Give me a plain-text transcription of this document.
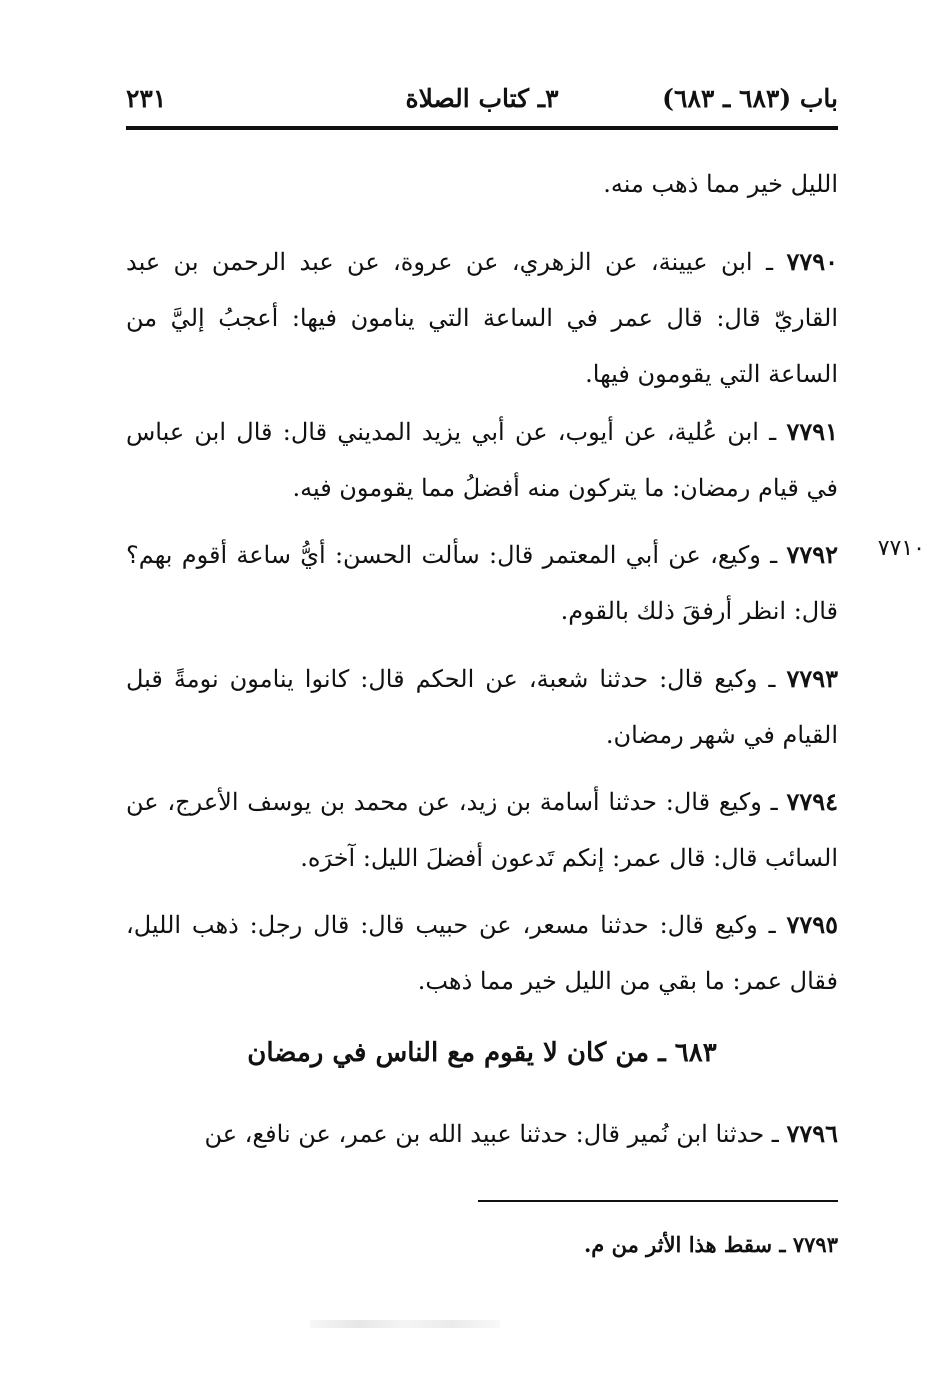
باب (٦٨٣ ـ ٦٨٣)
٣ـ كتاب الصلاة
٢٣١
الليل خير مما ذهب منه.
٧٧٩٠ ـ ابن عيينة، عن الزهري، عن عروة، عن عبد الرحمن بن عبد القاريّ قال: قال عمر في الساعة التي ينامون فيها: أعجبُ إليَّ من الساعة التي يقومون فيها.
٧٧٩١ ـ ابن عُلية، عن أيوب، عن أبي يزيد المديني قال: قال ابن عباس في قيام رمضان: ما يتركون منه أفضلُ مما يقومون فيه.
٧٧١٠
٧٧٩٢ ـ وكيع، عن أبي المعتمر قال: سألت الحسن: أيُّ ساعة أقوم بهم؟ قال: انظر أرفقَ ذلك بالقوم.
٧٧٩٣ ـ وكيع قال: حدثنا شعبة، عن الحكم قال: كانوا ينامون نومةً قبل القيام في شهر رمضان.
٧٧٩٤ ـ وكيع قال: حدثنا أسامة بن زيد، عن محمد بن يوسف الأعرج، عن السائب قال: قال عمر: إنكم تَدعون أفضلَ الليل: آخرَه.
٧٧٩٥ ـ وكيع قال: حدثنا مسعر، عن حبيب قال: قال رجل: ذهب الليل، فقال عمر: ما بقي من الليل خير مما ذهب.
٦٨٣ ـ من كان لا يقوم مع الناس في رمضان
٧٧٩٦ ـ حدثنا ابن نُمير قال: حدثنا عبيد الله بن عمر، عن نافع، عن
٧٧٩٣ ـ سقط هذا الأثر من م.
